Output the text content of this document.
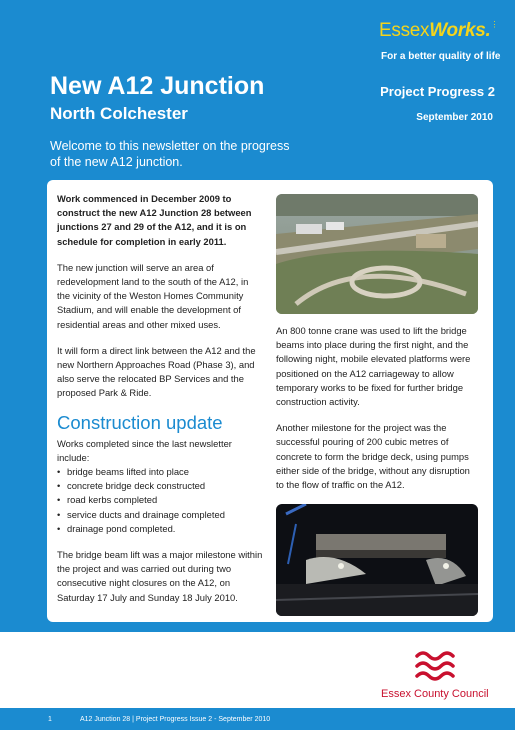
EssexWorks.⋮
For a better quality of life
New A12 Junction
North Colchester
Project Progress 2
September 2010
Welcome to this newsletter on the progress of the new A12 junction.

Work commenced in December 2009 to construct the new A12 Junction 28 between junctions 27 and 29 of the A12, and it is on schedule for completion in early 2011.

The new junction will serve an area of redevelopment land to the south of the A12, in the vicinity of the Weston Homes Community Stadium, and will enable the development of residential areas and other mixed uses.

It will form a direct link between the A12 and the new Northern Approaches Road (Phase 3), and also serve the relocated BP Services and the proposed Park & Ride.

Construction update
Works completed since the last newsletter include:
• bridge beams lifted into place
• concrete bridge deck constructed
• road kerbs completed
• service ducts and drainage completed
• drainage pond completed.

The bridge beam lift was a major milestone within the project and was carried out during two consecutive night closures on the A12, on Saturday 17 July and Sunday 18 July 2010.

An 800 tonne crane was used to lift the bridge beams into place during the first night, and the following night, mobile elevated platforms were positioned on the A12 carriageway to allow temporary works to be fixed for further bridge construction activity.

Another milestone for the project was the successful pouring of 200 cubic metres of concrete to form the bridge deck, using pumps either side of the bridge, without any disruption to the flow of traffic on the A12.

Essex County Council
1	A12 Junction 28 | Project Progress Issue 2 - September 2010
